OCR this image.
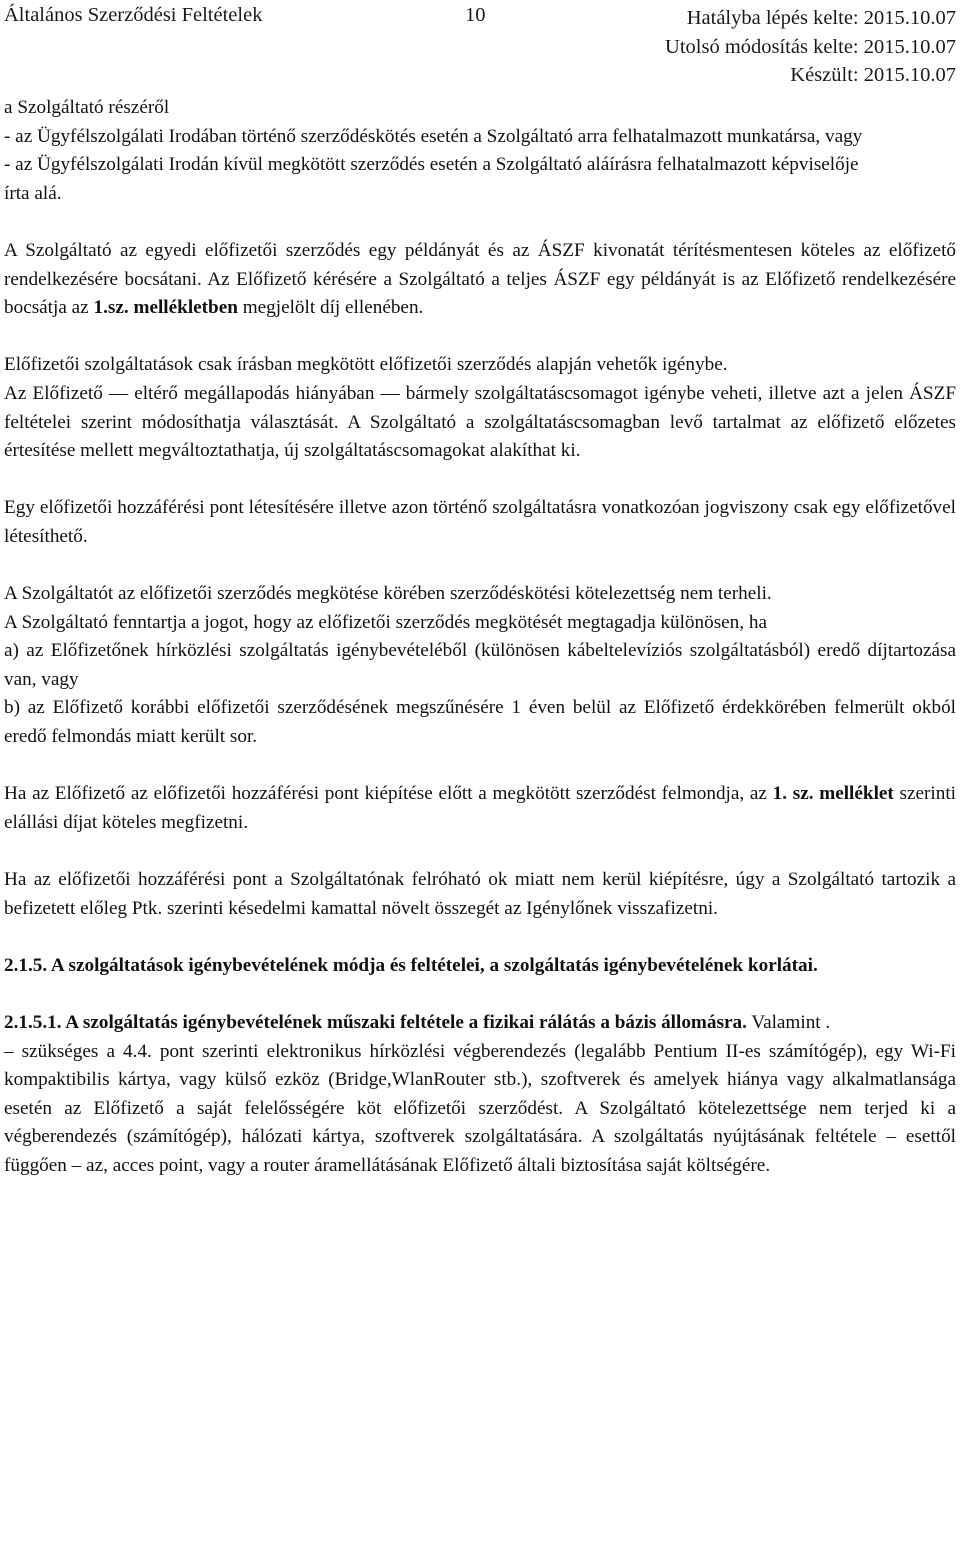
Általános Szerződési Feltételek	10	Hatályba lépés kelte: 2015.10.07
Utolsó módosítás kelte: 2015.10.07
Készült: 2015.10.07

a Szolgáltató részéről

- az Ügyfélszolgálati Irodában történő szerződéskötés esetén a Szolgáltató arra felhatalmazott munkatársa, vagy

- az Ügyfélszolgálati Irodán kívül megkötött szerződés esetén a Szolgáltató aláírásra felhatalmazott képviselője

írta alá.

A Szolgáltató az egyedi előfizetői szerződés egy példányát és az ÁSZF kivonatát térítésmentesen köteles az előfizető rendelkezésére bocsátani. Az Előfizető kérésére a Szolgáltató a teljes ÁSZF egy példányát is az Előfizető rendelkezésére bocsátja az 1.sz. mellékletben megjelölt díj ellenében.

Előfizetői szolgáltatások csak írásban megkötött előfizetői szerződés alapján vehetők igénybe.

Az Előfizető — eltérő megállapodás hiányában — bármely szolgáltatáscsomagot igénybe veheti, illetve azt a jelen ÁSZF feltételei szerint módosíthatja választását. A Szolgáltató a szolgáltatáscsomagban levő tartalmat az előfizető előzetes értesítése mellett megváltoztathatja, új szolgáltatáscsomagokat alakíthat ki.

Egy előfizetői hozzáférési pont létesítésére illetve azon történő szolgáltatásra vonatkozóan jogviszony csak egy előfizetővel létesíthető.

A Szolgáltatót az előfizetői szerződés megkötése körében szerződéskötési kötelezettség nem terheli.

A Szolgáltató fenntartja a jogot, hogy az előfizetői szerződés megkötését megtagadja különösen, ha

a) az Előfizetőnek hírközlési szolgáltatás igénybevételéből (különösen kábeltelevíziós szolgáltatásból) eredő díjtartozása van, vagy

b) az Előfizető korábbi előfizetői szerződésének megszűnésére 1 éven belül az Előfizető érdekkörében felmerült okból eredő felmondás miatt került sor.

Ha az Előfizető az előfizetői hozzáférési pont kiépítése előtt a megkötött szerződést felmondja, az 1. sz. melléklet szerinti elállási díjat köteles megfizetni.

Ha az előfizetői hozzáférési pont a Szolgáltatónak felróható ok miatt nem kerül kiépítésre, úgy a Szolgáltató tartozik a befizetett előleg Ptk. szerinti késedelmi kamattal növelt összegét az Igénylőnek visszafizetni.

2.1.5. A szolgáltatások igénybevételének módja és feltételei, a szolgáltatás igénybevételének korlátai.

2.1.5.1. A szolgáltatás igénybevételének műszaki feltétele a fizikai rálátás a bázis állomásra. Valamint .

– szükséges a 4.4. pont szerinti elektronikus hírközlési végberendezés (legalább Pentium II-es számítógép), egy Wi-Fi kompaktibilis kártya, vagy külső ezköz (Bridge,WlanRouter stb.), szoftverek és amelyek hiánya vagy alkalmatlansága esetén az Előfizető a saját felelősségére köt előfizetői szerződést. A Szolgáltató kötelezettsége nem terjed ki a végberendezés (számítógép), hálózati kártya, szoftverek szolgáltatására. A szolgáltatás nyújtásának feltétele – esettől függően – az, acces point, vagy a router áramellátásának Előfizető általi biztosítása saját költségére.
